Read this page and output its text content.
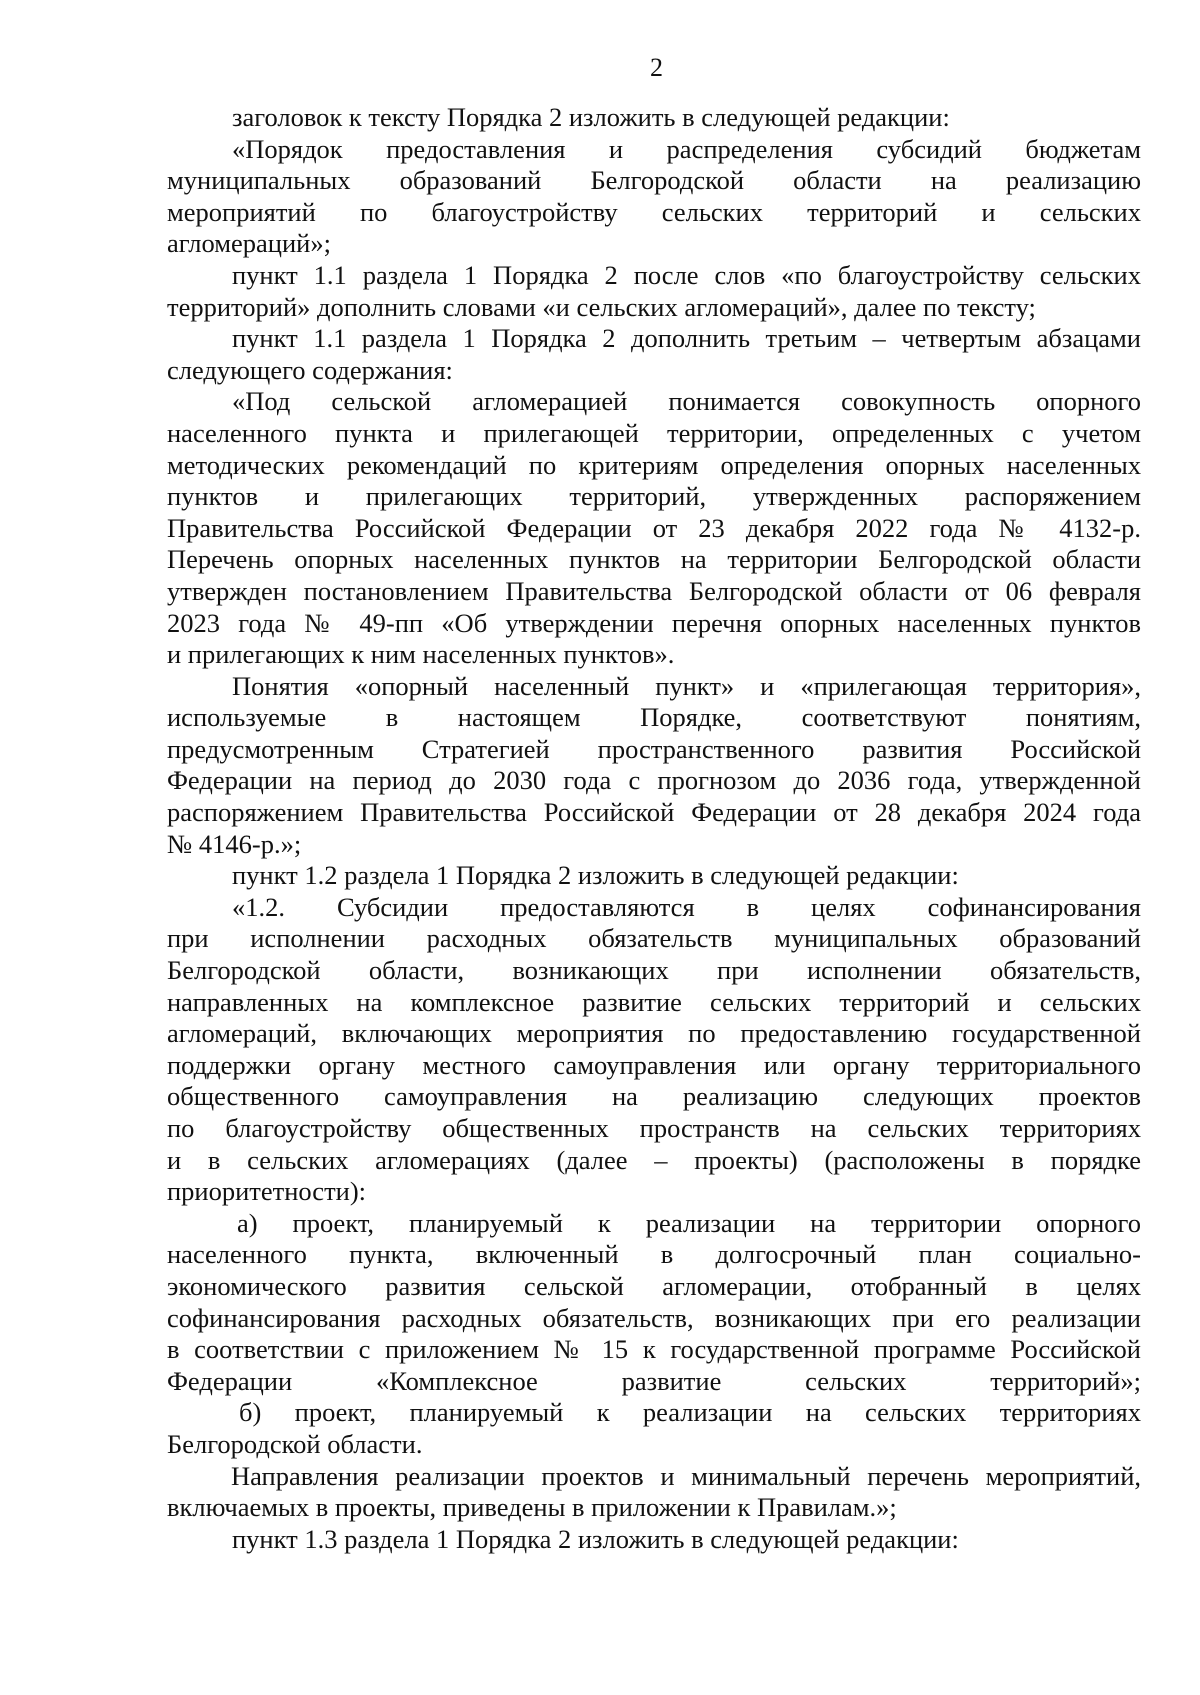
2
заголовок к тексту Порядка 2 изложить в следующей редакции:
«Порядок предоставления и распределения субсидий бюджетам
муниципальных образований Белгородской области на реализацию
мероприятий по благоустройству сельских территорий и сельских
агломераций»;
пункт 1.1 раздела 1 Порядка 2 после слов «по благоустройству сельских
территорий» дополнить словами «и сельских агломераций», далее по тексту;
пункт 1.1 раздела 1 Порядка 2 дополнить третьим – четвертым абзацами
следующего содержания:
«Под сельской агломерацией понимается совокупность опорного
населенного пункта и прилегающей территории, определенных с учетом
методических рекомендаций по критериям определения опорных населенных
пунктов и прилегающих территорий, утвержденных распоряжением
Правительства Российской Федерации от 23 декабря 2022 года № 4132-р.
Перечень опорных населенных пунктов на территории Белгородской области
утвержден постановлением Правительства Белгородской области от 06 февраля
2023 года № 49-пп «Об утверждении перечня опорных населенных пунктов
и прилегающих к ним населенных пунктов».
Понятия «опорный населенный пункт» и «прилегающая территория»,
используемые в настоящем Порядке, соответствуют понятиям,
предусмотренным Стратегией пространственного развития Российской
Федерации на период до 2030 года с прогнозом до 2036 года, утвержденной
распоряжением Правительства Российской Федерации от 28 декабря 2024 года
№ 4146-р.»;
пункт 1.2 раздела 1 Порядка 2 изложить в следующей редакции:
«1.2. Субсидии предоставляются в целях софинансирования
при исполнении расходных обязательств муниципальных образований
Белгородской области, возникающих при исполнении обязательств,
направленных на комплексное развитие сельских территорий и сельских
агломераций, включающих мероприятия по предоставлению государственной
поддержки органу местного самоуправления или органу территориального
общественного самоуправления на реализацию следующих проектов
по благоустройству общественных пространств на сельских территориях
и в сельских агломерациях (далее – проекты) (расположены в порядке
приоритетности):
а) проект, планируемый к реализации на территории опорного
населенного пункта, включенный в долгосрочный план социально-
экономического развития сельской агломерации, отобранный в целях
софинансирования расходных обязательств, возникающих при его реализации
в соответствии с приложением № 15 к государственной программе Российской
Федерации «Комплексное развитие сельских территорий»;
б) проект, планируемый к реализации на сельских территориях
Белгородской области.
Направления реализации проектов и минимальный перечень мероприятий,
включаемых в проекты, приведены в приложении к Правилам.»;
пункт 1.3 раздела 1 Порядка 2 изложить в следующей редакции:
